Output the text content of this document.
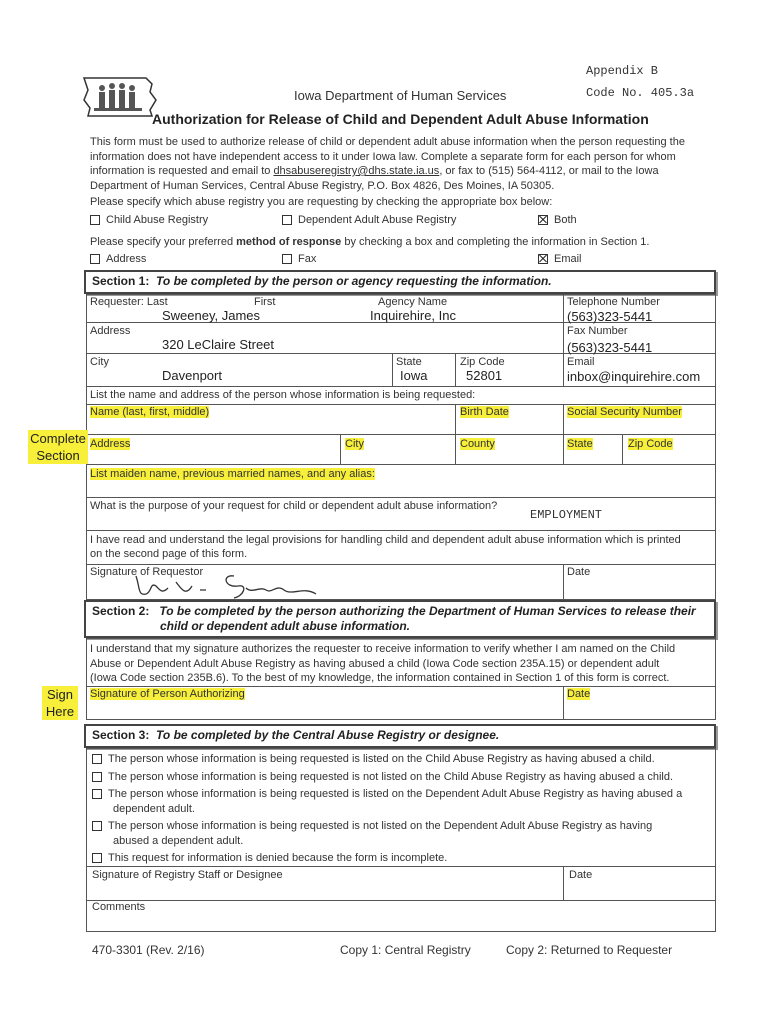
Appendix B
Code No. 405.3a
Iowa Department of Human Services
Authorization for Release of Child and Dependent Adult Abuse Information
This form must be used to authorize release of child or dependent adult abuse information when the person requesting the
information does not have independent access to it under Iowa law. Complete a separate form for each person for whom
information is requested and email to dhsabuseregistry@dhs.state.ia.us, or fax to (515) 564-4112, or mail to the Iowa
Department of Human Services, Central Abuse Registry, P.O. Box 4826, Des Moines, IA 50305.
Please specify which abuse registry you are requesting by checking the appropriate box below:
Child Abuse Registry	Dependent Adult Abuse Registry	Both
Please specify your preferred method of response by checking a box and completing the information in Section 1.
Address	Fax	Email
Section 1: To be completed by the person or agency requesting the information.
Requester: Last	First	Agency Name	Telephone Number
Sweeney, James	Inquirehire, Inc	(563)323-5441
Address	Fax Number
320 LeClaire Street	(563)323-5441
City	State	Zip Code	Email
Davenport	Iowa	52801	inbox@inquirehire.com
List the name and address of the person whose information is being requested:
Name (last, first, middle)	Birth Date	Social Security Number
Address	City	County	State	Zip Code
List maiden name, previous married names, and any alias:
What is the purpose of your request for child or dependent adult abuse information?
EMPLOYMENT
I have read and understand the legal provisions for handling child and dependent adult abuse information which is printed
on the second page of this form.
Signature of Requestor	Date
Section 2: To be completed by the person authorizing the Department of Human Services to release their
child or dependent adult abuse information.
I understand that my signature authorizes the requester to receive information to verify whether I am named on the Child
Abuse or Dependent Adult Abuse Registry as having abused a child (Iowa Code section 235A.15) or dependent adult
(Iowa Code section 235B.6). To the best of my knowledge, the information contained in Section 1 of this form is correct.
Signature of Person Authorizing	Date
Section 3: To be completed by the Central Abuse Registry or designee.
The person whose information is being requested is listed on the Child Abuse Registry as having abused a child.
The person whose information is being requested is not listed on the Child Abuse Registry as having abused a child.
The person whose information is being requested is listed on the Dependent Adult Abuse Registry as having abused a
dependent adult.
The person whose information is being requested is not listed on the Dependent Adult Abuse Registry as having
abused a dependent adult.
This request for information is denied because the form is incomplete.
Signature of Registry Staff or Designee	Date
Comments
470-3301 (Rev. 2/16)	Copy 1: Central Registry	Copy 2: Returned to Requester
Complete
Section
Sign
Here
